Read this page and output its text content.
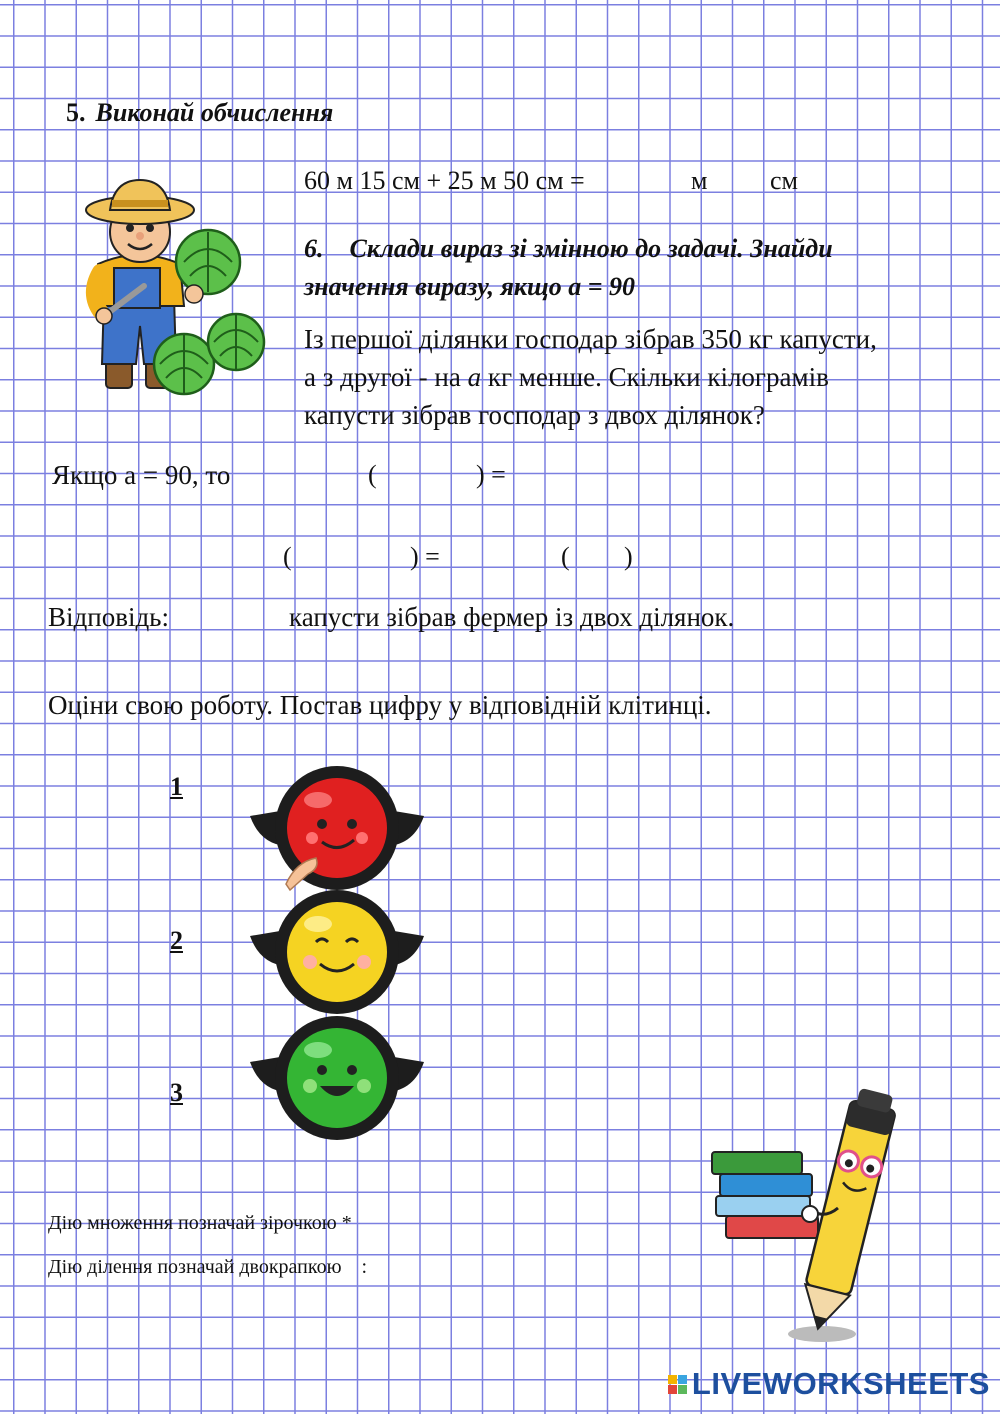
5. Виконай обчислення
60 м 15 см + 25 м 50 см =	м см
6.    Склади вираз зі змінною до задачі. Знайди
значення виразу, якщо а = 90
Із першої ділянки господар зібрав 350 кг капусти,
а з другої - на а кг менше. Скільки кілограмів
капусти зібрав господар з двох ділянок?
Якщо а = 90, то	(	) =
(	) =	( )
Відповідь:	капусти зібрав фермер із двох ділянок.
Оціни свою роботу. Постав цифру у відповідній клітинці.
1
2
3
Дію множення позначай зірочкою *
Дію ділення позначай двокрапкою    :
LIVEWORKSHEETS
